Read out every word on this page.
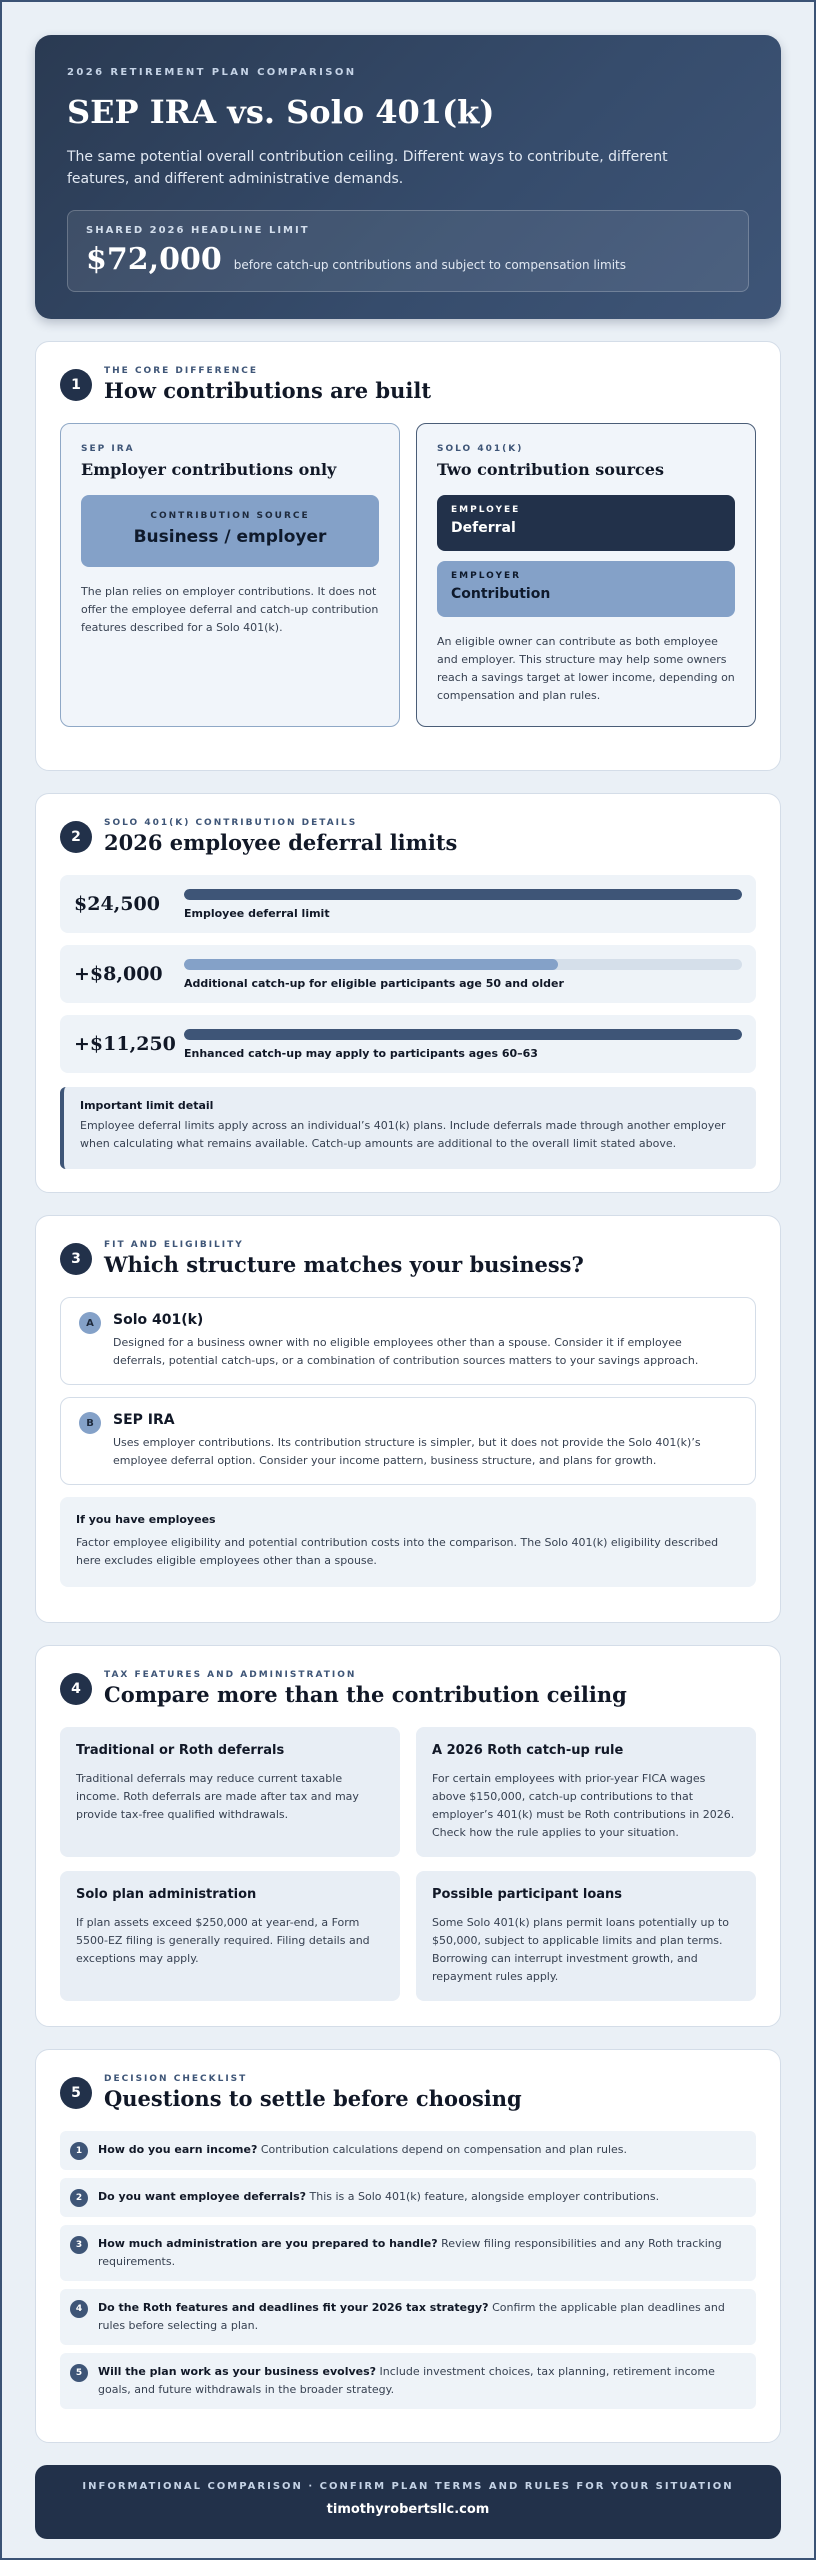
2026 RETIREMENT PLAN COMPARISON
SEP IRA vs. Solo 401(k)

The same potential overall contribution ceiling. Different ways to contribute, different features, and different administrative demands.

SHARED 2026 HEADLINE LIMIT
$72,000 before catch-up contributions and subject to compensation limits
1
THE CORE DIFFERENCE
How contributions are built
SEP IRA
Employer contributions only
CONTRIBUTION SOURCE
Business / employer

The plan relies on employer contributions. It does not offer the employee deferral and catch-up contribution features described for a Solo 401(k).

SOLO 401(K)
Two contribution sources
EMPLOYEE
Deferral
EMPLOYER
Contribution

An eligible owner can contribute as both employee and employer. This structure may help some owners reach a savings target at lower income, depending on compensation and plan rules.

2
SOLO 401(K) CONTRIBUTION DETAILS
2026 employee deferral limits
$24,500	Employee deferral limit
+$8,000	Additional catch-up for eligible participants age 50 and older
+$11,250 Enhanced catch-up may apply to participants ages 60–63
Important limit detail
Employee deferral limits apply across an individual’s 401(k) plans. Include deferrals made through another employer when calculating what remains available. Catch-up amounts are additional to the overall limit stated above.
3
FIT AND ELIGIBILITY
Which structure matches your business?
A	Solo 401(k)
Designed for a business owner with no eligible employees other than a spouse. Consider it if employee deferrals, potential catch-ups, or a combination of contribution sources matters to your savings approach.
B	SEP IRA
Uses employer contributions. Its contribution structure is simpler, but it does not provide the Solo 401(k)’s employee deferral option. Consider your income pattern, business structure, and plans for growth.
If you have employees
Factor employee eligibility and potential contribution costs into the comparison. The Solo 401(k) eligibility described here excludes eligible employees other than a spouse.
4
TAX FEATURES AND ADMINISTRATION
Compare more than the contribution ceiling
Traditional or Roth deferrals
Traditional deferrals may reduce current taxable income. Roth deferrals are made after tax and may provide tax-free qualified withdrawals.
A 2026 Roth catch-up rule
For certain employees with prior-year FICA wages above $150,000, catch-up contributions to that employer’s 401(k) must be Roth contributions in 2026. Check how the rule applies to your situation.
Solo plan administration
If plan assets exceed $250,000 at year-end, a Form 5500-EZ filing is generally required. Filing details and exceptions may apply.
Possible participant loans
Some Solo 401(k) plans permit loans potentially up to $50,000, subject to applicable limits and plan terms. Borrowing can interrupt investment growth, and repayment rules apply.
5
DECISION CHECKLIST
Questions to settle before choosing
1	How do you earn income? Contribution calculations depend on compensation and plan rules.
2	Do you want employee deferrals? This is a Solo 401(k) feature, alongside employer contributions.
3	How much administration are you prepared to handle? Review filing responsibilities and any Roth tracking requirements.
4	Do the Roth features and deadlines fit your 2026 tax strategy? Confirm the applicable plan deadlines and rules before selecting a plan.
5	Will the plan work as your business evolves? Include investment choices, tax planning, retirement income goals, and future withdrawals in the broader strategy.
INFORMATIONAL COMPARISON · CONFIRM PLAN TERMS AND RULES FOR YOUR SITUATION
timothyrobertsllc.com
